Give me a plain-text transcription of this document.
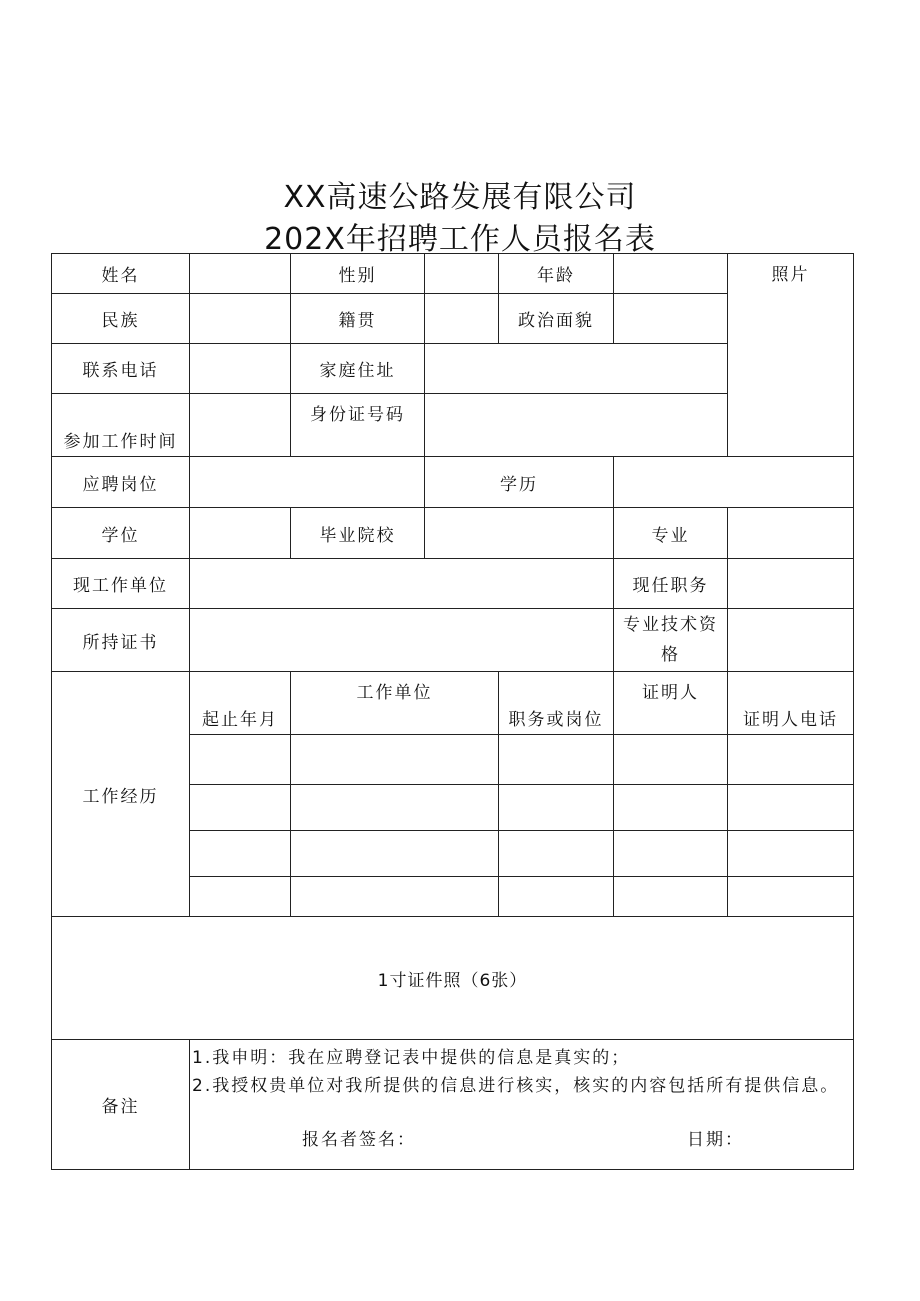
XX高速公路发展有限公司
202X年招聘工作人员报名表
姓名		性别		年龄		照片
民族		籍贯		政治面貌		
联系电话		家庭住址				
参加工作时间		身份证号码				
应聘岗位			学历			
学位		毕业院校			专业	
现工作单位					现任职务	
所持证书					专业技术资
格	

工作经历	起止年月	工作单位		职务或岗位	证明人	证明人电话

1寸证件照（6张）						
备注	1.我申明：我在应聘登记表中提供的信息是真实的；
2.我授权贵单位对我所提供的信息进行核实，核实的内容包括所有提供信息。
报名者签名： 日期：					
